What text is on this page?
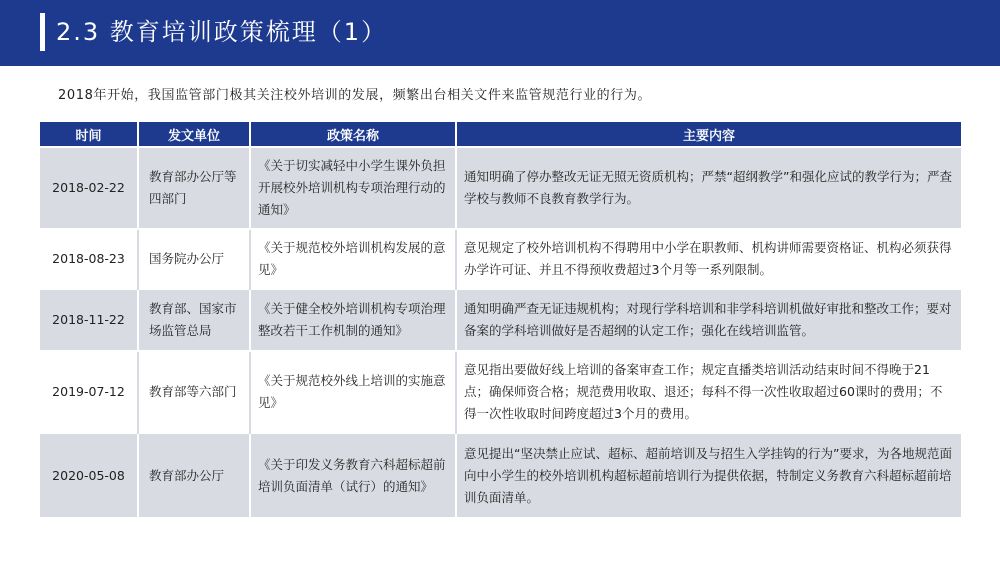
2.3 教育培训政策梳理（1）
2018年开始，我国监管部门极其关注校外培训的发展，频繁出台相关文件来监管规范行业的行为。
时间	发文单位	政策名称	主要内容
2018-02-22	教育部办公厅等四部门	《关于切实减轻中小学生课外负担开展校外培训机构专项治理行动的通知》	通知明确了停办整改无证无照无资质机构；严禁“超纲教学”和强化应试的教学行为；严查学校与教师不良教育教学行为。
2018-08-23	国务院办公厅	《关于规范校外培训机构发展的意见》	意见规定了校外培训机构不得聘用中小学在职教师、机构讲师需要资格证、机构必须获得办学许可证、并且不得预收费超过3个月等一系列限制。
2018-11-22	教育部、国家市场监管总局	《关于健全校外培训机构专项治理整改若干工作机制的通知》	通知明确严查无证违规机构；对现行学科培训和非学科培训机做好审批和整改工作；要对备案的学科培训做好是否超纲的认定工作；强化在线培训监管。
2019-07-12	教育部等六部门	《关于规范校外线上培训的实施意见》	意见指出要做好线上培训的备案审查工作；规定直播类培训活动结束时间不得晚于21点；确保师资合格；规范费用收取、退还；每科不得一次性收取超过60课时的费用；不得一次性收取时间跨度超过3个月的费用。
2020-05-08	教育部办公厅	《关于印发义务教育六科超标超前培训负面清单（试行）的通知》	意见提出“坚决禁止应试、超标、超前培训及与招生入学挂钩的行为”要求，为各地规范面向中小学生的校外培训机构超标超前培训行为提供依据，特制定义务教育六科超标超前培训负面清单。
